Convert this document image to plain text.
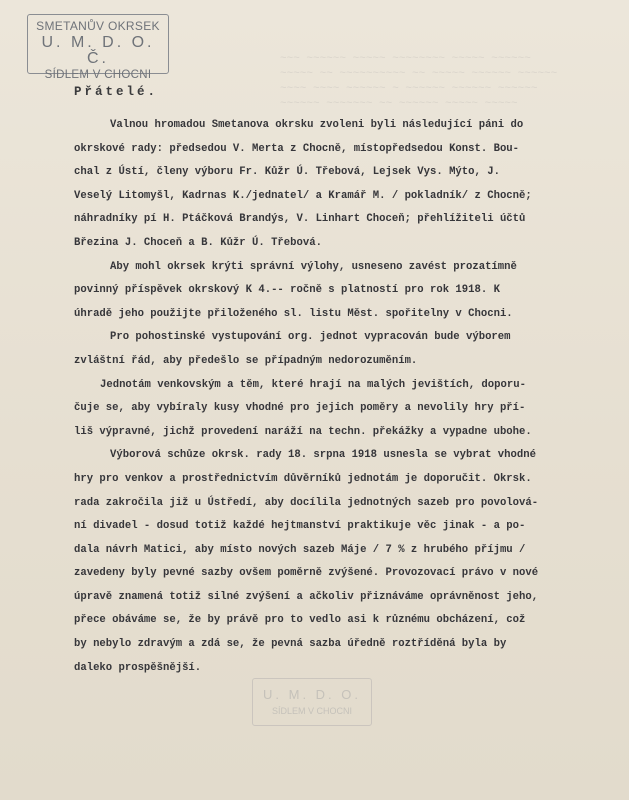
~~~ ~~~~~~ ~~~~~ ~~~~~~~~ ~~~~~ ~~~~~~
~~~~~ ~~ ~~~~~~~~~~ ~~ ~~~~~ ~~~~~~ ~~~~~~
~~~~ ~~~~ ~~~~~~ ~ ~~~~~~ ~~~~~~ ~~~~~~
~~~~~~ ~~~~~~~ ~~ ~~~~~~ ~~~~~ ~~~~~
SMETANŮV OKRSEK
U. M. D. O. Č.
SÍDLEM V CHOCNI
Přátelé.
Valnou hromadou Smetanova okrsku zvoleni byli následující páni do
okrskové rady: předsedou V. Merta z Chocně, místopředsedou Konst. Bou-
chal z Ústí, členy výboru Fr. Kůžr Ú. Třebová, Lejsek Vys. Mýto, J.
Veselý Litomyšl, Kadrnas K./jednatel/ a Kramář M. / pokladník/ z Chocně;
náhradníky pí H. Ptáčková Brandýs, V. Linhart Choceň; přehlížiteli účtů
Březina J. Choceň a B. Kůžr Ú. Třebová.
Aby mohl okrsek krýti správní výlohy, usneseno zavést prozatímně
povinný příspěvek okrskový K 4.-- ročně s platností pro rok 1918. K
úhradě jeho použijte přiloženého sl. listu Měst. spořitelny v Chocni.
Pro pohostinské vystupování org. jednot vypracován bude výborem
zvláštní řád, aby předešlo se případným nedorozuměním.
Jednotám venkovským a těm, které hrají na malých jevištích, doporu-
čuje se, aby vybíraly kusy vhodné pro jejich poměry a nevolily hry pří-
liš výpravné, jichž provedení naráží na techn. překážky a vypadne ubohe.
Výborová schůze okrsk. rady 18. srpna 1918 usnesla se vybrat vhodné
hry pro venkov a prostřednictvím důvěrníků jednotám je doporučit. Okrsk.
rada zakročila již u Ústředí, aby docílila jednotných sazeb pro povolová-
ní divadel - dosud totiž každé hejtmanství praktikuje věc jinak - a po-
dala návrh Matici, aby místo nových sazeb Máje / 7 % z hrubého příjmu /
zavedeny byly pevné sazby ovšem poměrně zvýšené. Provozovací právo v nové
úpravě znamená totiž silné zvýšení a ačkoliv přiznáváme oprávněnost jeho,
přece obáváme se, že by právě pro to vedlo asi k různému obcházení, což
by nebylo zdravým a zdá se, že pevná sazba úředně roztříděná byla by
daleko prospěšnější.
U. M. D. O.
SÍDLEM V CHOCNI
